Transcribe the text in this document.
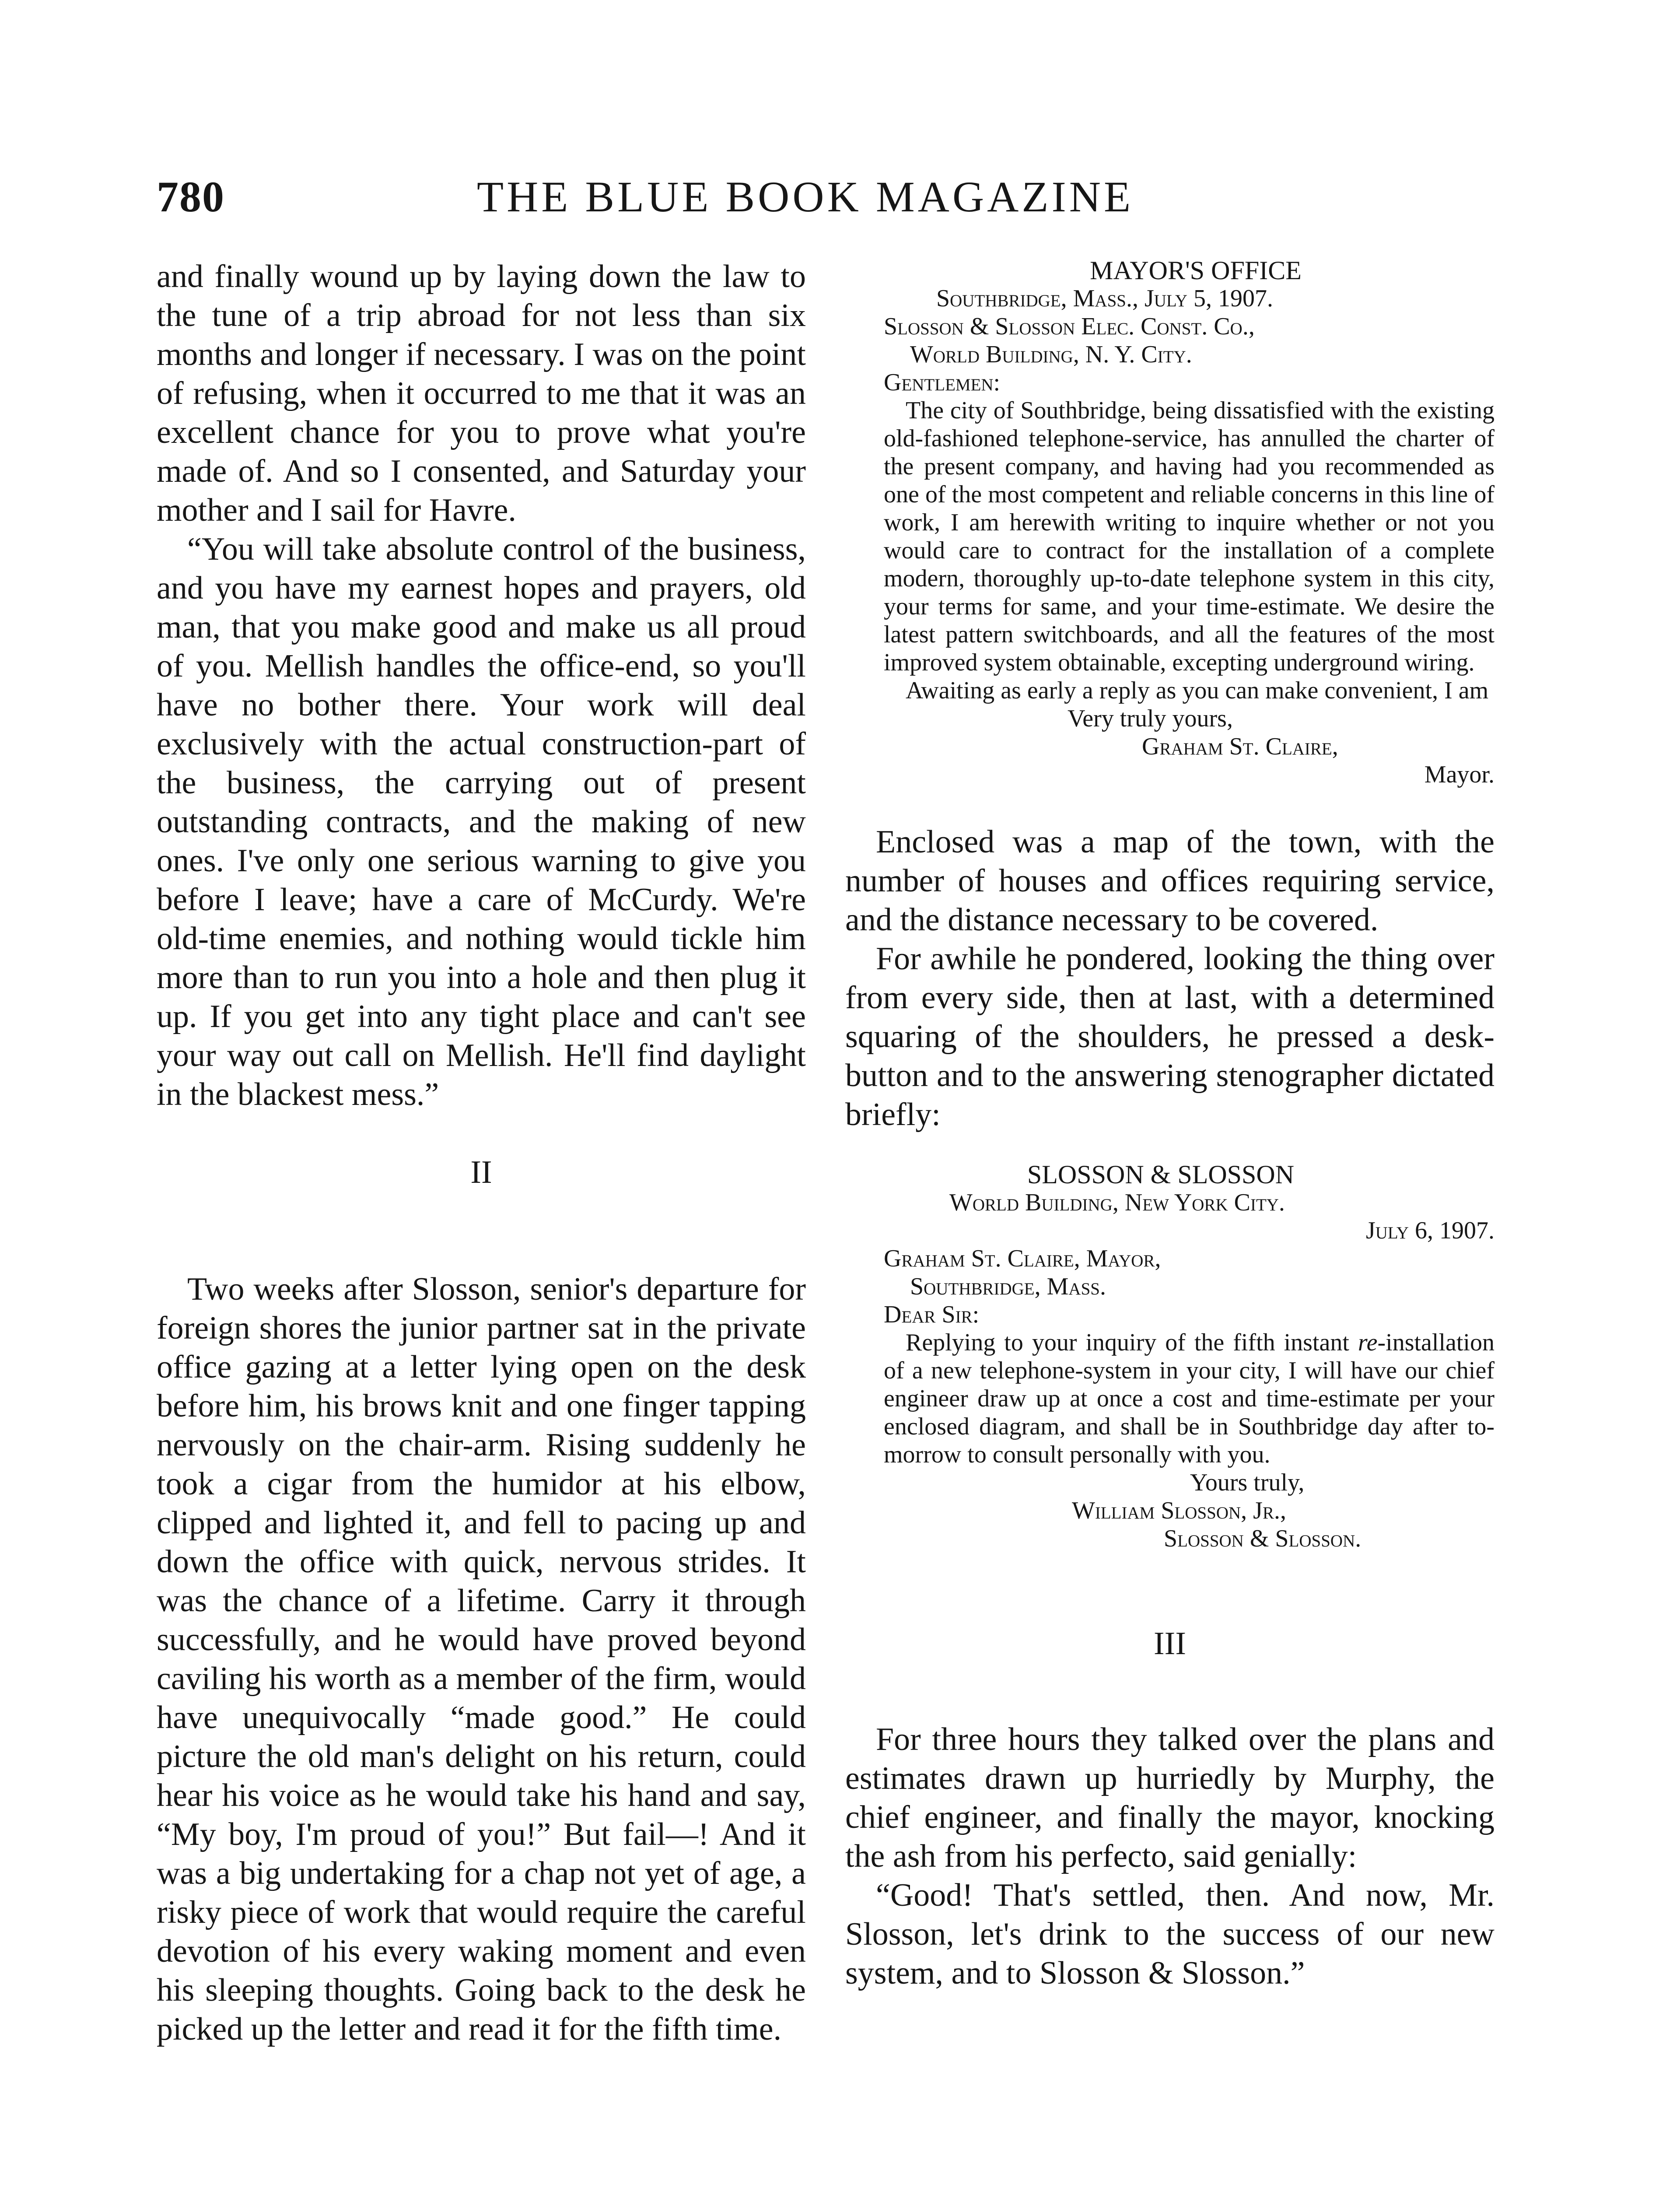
780	THE BLUE BOOK MAGAZINE

and finally wound up by laying down the law to the tune of a trip abroad for not less than six months and longer if necessary. I was on the point of refusing, when it occurred to me that it was an excellent chance for you to prove what you're made of. And so I consented, and Saturday your mother and I sail for Havre.

“You will take absolute control of the business, and you have my earnest hopes and prayers, old man, that you make good and make us all proud of you. Mellish handles the office-end, so you'll have no bother there. Your work will deal exclusively with the actual construction-part of the business, the carrying out of present outstanding contracts, and the making of new ones. I've only one serious warning to give you before I leave; have a care of McCurdy. We're old-time enemies, and nothing would tickle him more than to run you into a hole and then plug it up. If you get into any tight place and can't see your way out call on Mellish. He'll find daylight in the blackest mess.”

II

Two weeks after Slosson, senior's departure for foreign shores the junior partner sat in the private office gazing at a letter lying open on the desk before him, his brows knit and one finger tapping nervously on the chair-arm. Rising suddenly he took a cigar from the humidor at his elbow, clipped and lighted it, and fell to pacing up and down the office with quick, nervous strides. It was the chance of a lifetime. Carry it through successfully, and he would have proved beyond caviling his worth as a member of the firm, would have unequivocally “made good.” He could picture the old man's delight on his return, could hear his voice as he would take his hand and say, “My boy, I'm proud of you!” But fail—! And it was a big undertaking for a chap not yet of age, a risky piece of work that would require the careful devotion of his every waking moment and even his sleeping thoughts. Going back to the desk he picked up the letter and read it for the fifth time.

MAYOR'S OFFICE

Southbridge, Mass., July 5, 1907.

Slosson & Slosson Elec. Const. Co.,

World Building, N. Y. City.

Gentlemen:

The city of Southbridge, being dissatisfied with the existing old-fashioned telephone-service, has annulled the charter of the present company, and having had you recommended as one of the most competent and reliable concerns in this line of work, I am herewith writing to inquire whether or not you would care to contract for the installation of a complete modern, thoroughly up-to-date telephone system in this city, your terms for same, and your time-estimate. We desire the latest pattern switchboards, and all the features of the most improved system obtainable, excepting underground wiring.

Awaiting as early a reply as you can make convenient, I am

Very truly yours,

Graham St. Claire,

Mayor.

Enclosed was a map of the town, with the number of houses and offices requiring service, and the distance necessary to be covered.

For awhile he pondered, looking the thing over from every side, then at last, with a determined squaring of the shoulders, he pressed a desk-button and to the answering stenographer dictated briefly:

SLOSSON & SLOSSON

World Building, New York City.

July 6, 1907.

Graham St. Claire, Mayor,

Southbridge, Mass.

Dear Sir:

Replying to your inquiry of the fifth instant re-installation of a new telephone-system in your city, I will have our chief engineer draw up at once a cost and time-estimate per your enclosed diagram, and shall be in Southbridge day after to-morrow to consult personally with you.

Yours truly,

William Slosson, Jr.,

Slosson & Slosson.

III

For three hours they talked over the plans and estimates drawn up hurriedly by Murphy, the chief engineer, and finally the mayor, knocking the ash from his perfecto, said genially:

“Good! That's settled, then. And now, Mr. Slosson, let's drink to the success of our new system, and to Slosson & Slosson.”
